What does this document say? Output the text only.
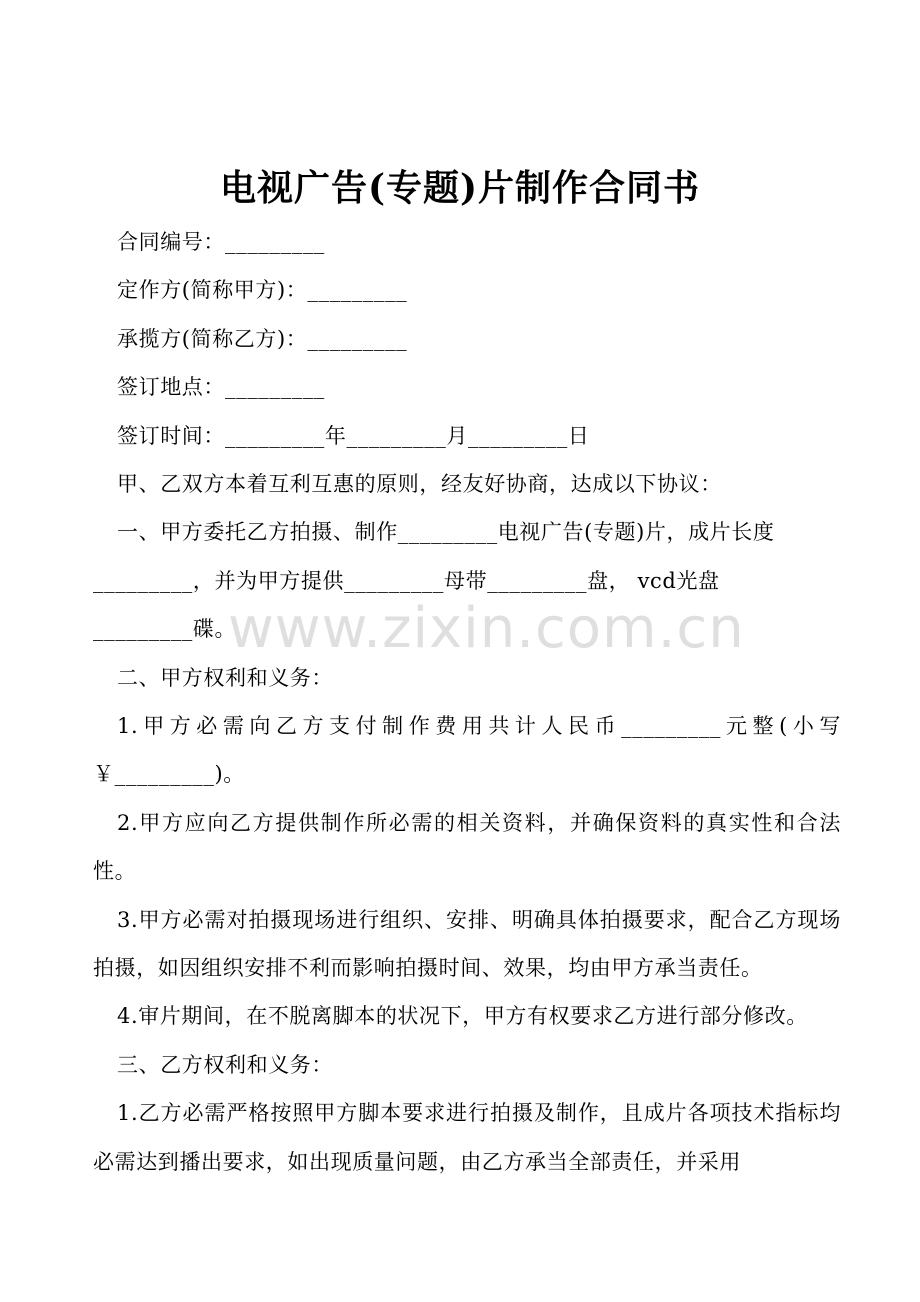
电视广告(专题)片制作合同书
合同编号：_________
定作方(简称甲方)：_________
承揽方(简称乙方)：_________
签订地点：_________
签订时间：_________年_________月_________日
甲、乙双方本着互利互惠的原则，经友好协商，达成以下协议：
一、甲方委托乙方拍摄、制作_________电视广告(专题)片，成片长度
_________，并为甲方提供_________母带_________盘， vcd光盘
_________碟。
二、甲方权利和义务：
1.甲方必需向乙方支付制作费用共计人民币_________元整(小写￥_________)。
2.甲方应向乙方提供制作所必需的相关资料，并确保资料的真实性和合法性。
3.甲方必需对拍摄现场进行组织、安排、明确具体拍摄要求，配合乙方现场拍摄，如因组织安排不利而影响拍摄时间、效果，均由甲方承当责任。
4.审片期间，在不脱离脚本的状况下，甲方有权要求乙方进行部分修改。
三、乙方权利和义务：
1.乙方必需严格按照甲方脚本要求进行拍摄及制作，且成片各项技术指标均必需达到播出要求，如出现质量问题，由乙方承当全部责任，并采用
www.zixin.com.cn
